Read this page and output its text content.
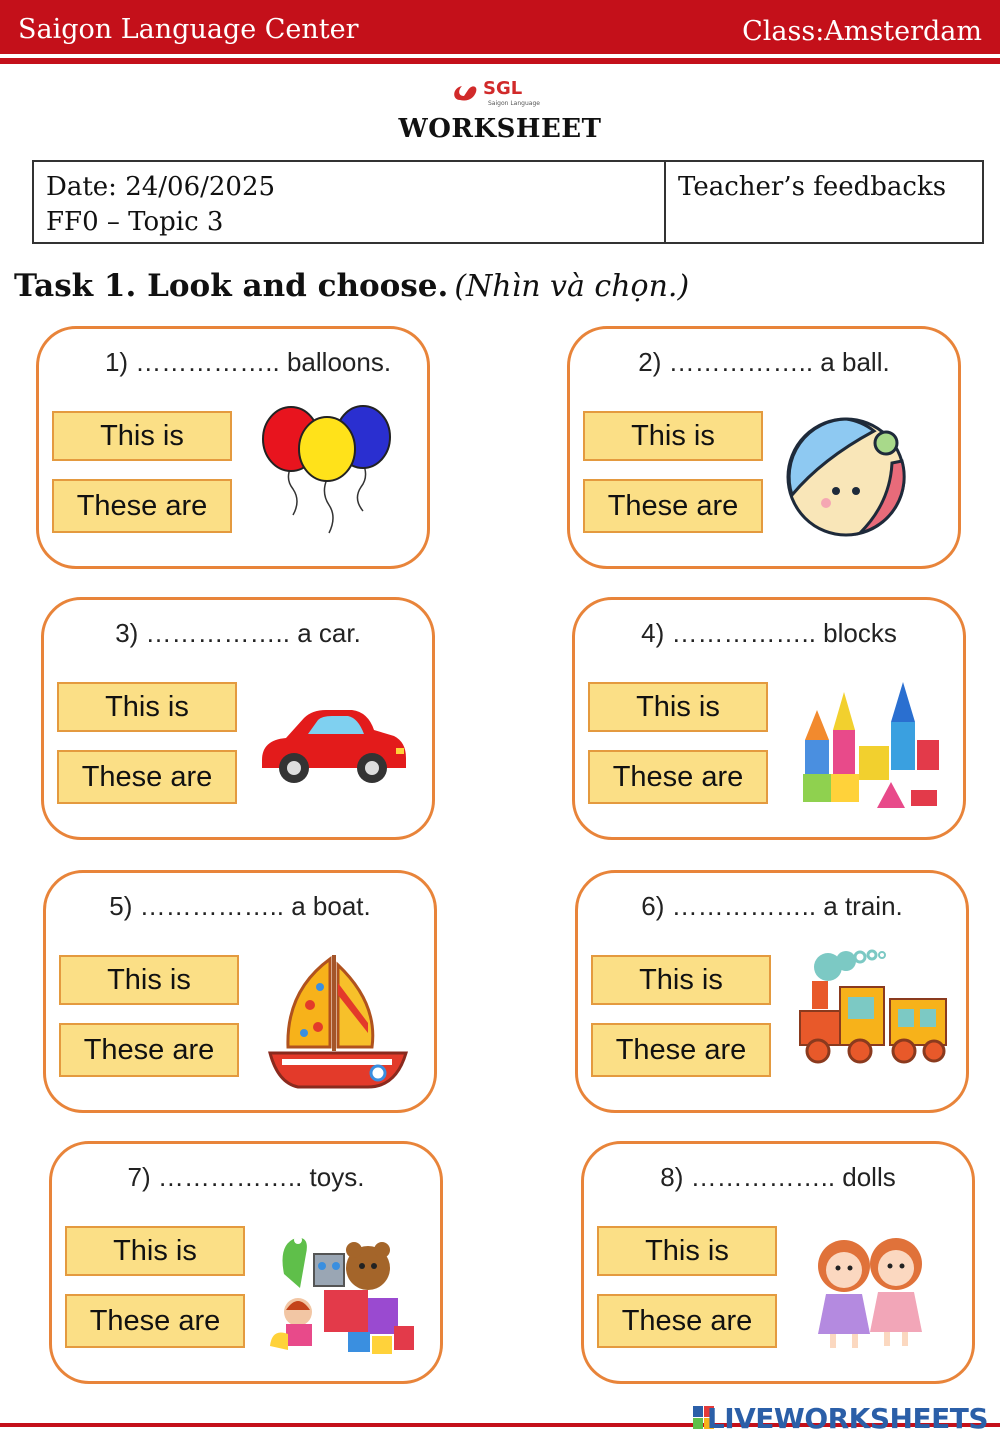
Saigon Language Center	Class:Amsterdam
SGL
Saigon Language
WORKSHEET
Date: 24/06/2025
FF0 – Topic 3
Teacher’s feedbacks
Task 1. Look and choose. (Nhìn và chọn.)
1) …………….. balloons.
This is
These are
2) …………….. a ball.
This is
These are
3) …………….. a car.
This is
These are
4) …………….. blocks
This is
These are
5) …………….. a boat.
This is
These are
6) …………….. a train.
This is
These are
7) …………….. toys.
This is
These are
8) …………….. dolls
This is
These are
LIVEWORKSHEETS
